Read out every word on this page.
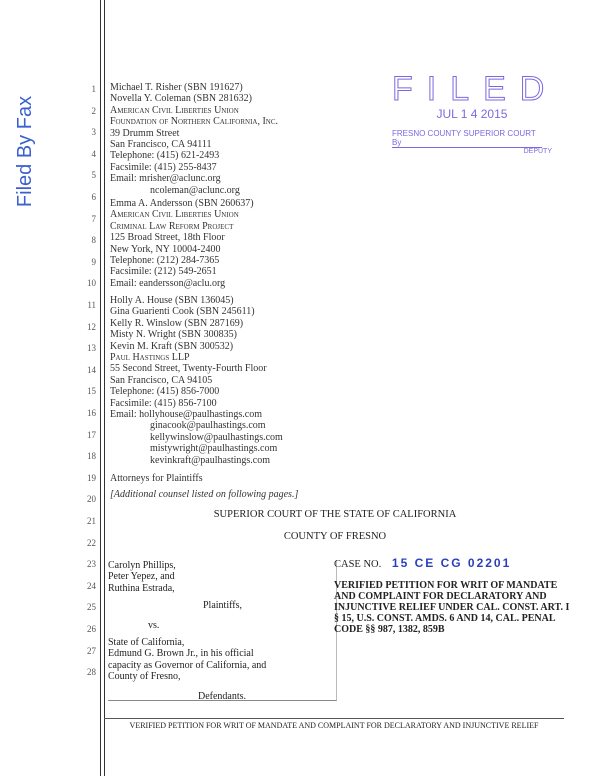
Filed By Fax
FILED
JUL 1 4 2015
FRESNO COUNTY SUPERIOR COURT
By
DEPUTY
1
2
3
4
5
6
7
8
9
10
11
12
13
14
15
16
17
18
19
20
21
22
23
24
25
26
27
28
Michael T. Risher (SBN 191627)
Novella Y. Coleman (SBN 281632)
American Civil Liberties Union
Foundation of Northern California, Inc.
39 Drumm Street
San Francisco, CA 94111
Telephone: (415) 621-2493
Facsimile: (415) 255-8437
Email: mrisher@aclunc.org
ncoleman@aclunc.org
Emma A. Andersson (SBN 260637)
American Civil Liberties Union
Criminal Law Reform Project
125 Broad Street, 18th Floor
New York, NY 10004-2400
Telephone: (212) 284-7365
Facsimile: (212) 549-2651
Email: eandersson@aclu.org
Holly A. House (SBN 136045)
Gina Guarienti Cook (SBN 245611)
Kelly R. Winslow (SBN 287169)
Misty N. Wright (SBN 300835)
Kevin M. Kraft (SBN 300532)
Paul Hastings LLP
55 Second Street, Twenty-Fourth Floor
San Francisco, CA 94105
Telephone: (415) 856-7000
Facsimile: (415) 856-7100
Email: hollyhouse@paulhastings.com
ginacook@paulhastings.com
kellywinslow@paulhastings.com
mistywright@paulhastings.com
kevinkraft@paulhastings.com
Attorneys for Plaintiffs
[Additional counsel listed on following pages.]
SUPERIOR COURT OF THE STATE OF CALIFORNIA
COUNTY OF FRESNO
Carolyn Phillips,
Peter Yepez, and
Ruthina Estrada,
Plaintiffs,
vs.
State of California,
Edmund G. Brown Jr., in his official
capacity as Governor of California, and
County of Fresno,
Defendants.
CASE NO. 15 CE CG 02201
VERIFIED PETITION FOR WRIT OF MANDATE AND COMPLAINT FOR DECLARATORY AND INJUNCTIVE RELIEF UNDER CAL. CONST. ART. I § 15, U.S. CONST. AMDS. 6 AND 14, CAL. PENAL CODE §§ 987, 1382, 859B
VERIFIED PETITION FOR WRIT OF MANDATE AND COMPLAINT FOR DECLARATORY AND INJUNCTIVE RELIEF
